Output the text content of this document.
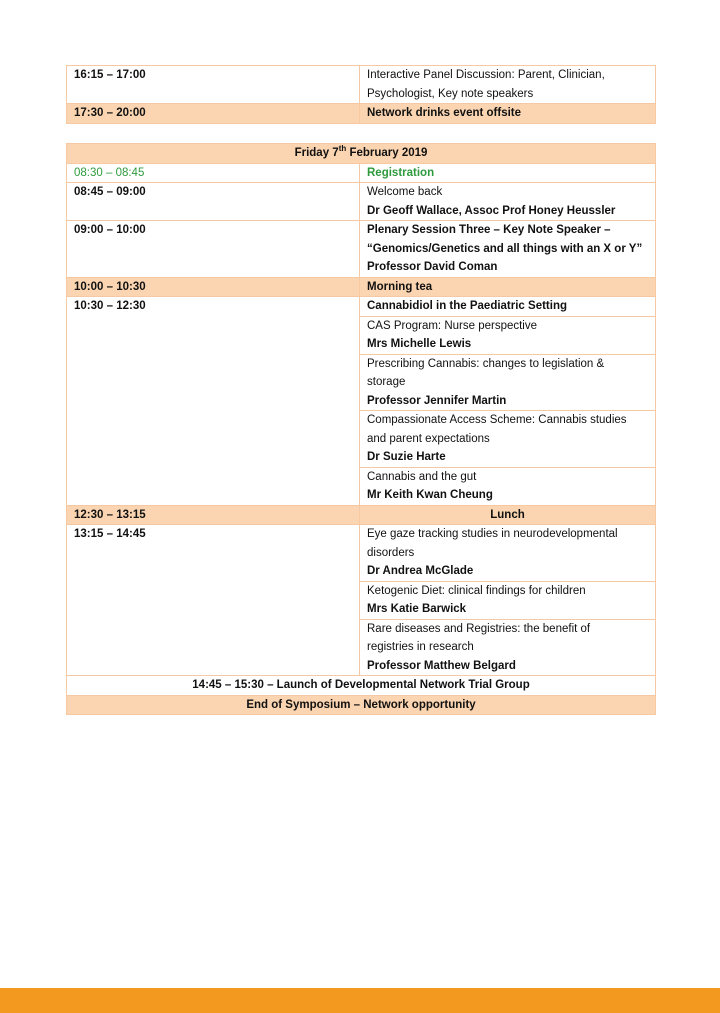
16:15 – 17:00	Interactive Panel Discussion: Parent, Clinician,
Psychologist, Key note speakers

17:30 – 20:00	Network drinks event offsite
Friday 7th February 2019	
08:30 – 08:45	Registration
08:45 – 09:00	Welcome back
Dr Geoff Wallace, Assoc Prof Honey Heussler

09:00 – 10:00	Plenary Session Three – Key Note Speaker –
“Genomics/Genetics and all things with an X or Y”
Professor David Coman

10:00 – 10:30	Morning tea
10:30 – 12:30	Cannabidiol in the Paediatric Setting

	CAS Program: Nurse perspective
Mrs Michelle Lewis

	Prescribing Cannabis: changes to legislation &
storage
Professor Jennifer Martin

	Compassionate Access Scheme: Cannabis studies
and parent expectations
Dr Suzie Harte

	Cannabis and the gut
Mr Keith Kwan Cheung

12:30 – 13:15	Lunch
13:15 – 14:45	Eye gaze tracking studies in neurodevelopmental
disorders
Dr Andrea McGlade

	Ketogenic Diet: clinical findings for children
Mrs Katie Barwick

	Rare diseases and Registries: the benefit of
registries in research
Professor Matthew Belgard

14:45 – 15:30 – Launch of Developmental Network Trial Group	
End of Symposium – Network opportunity	
